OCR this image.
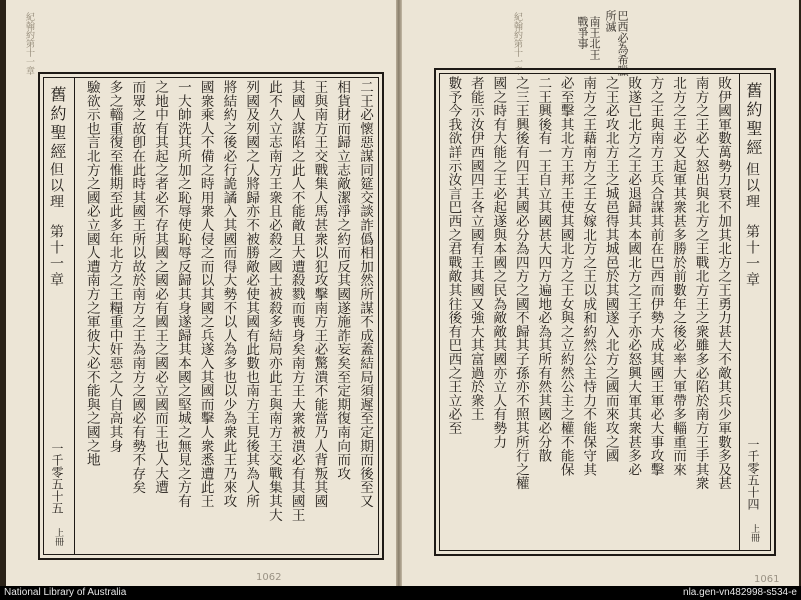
紀翰約第十一章
舊約聖經
但以理
第十一章
一千零五十五
上冊
二王必懷惡謀同筵交談詐僞相加然所謀不成蓋結局須遲至定期而後至又
相貨財而歸立志敵潔淨之約而反其國遂施詐妄矣至定期復南向而攻
王與南方王交戰集人馬甚衆以犯攻擊南方王必驚潰不能當乃人背叛其國
其國人謀陷之此人不能敵且大遭殺戮而喪身矣南方王大衆被潰必有其國王
此不久立志南方王衆且必殺之國士被殺多結局亦此王與南方王交戰集其大
列國及列國之人將歸亦不被勝敵必使其國有此數也南方王見後其為人所
將結約之後必行詭譎入其國而得大勢不以人為多也以少為衆此王乃來攻
國衆乘人不備之時用衆人侵之而以其國之兵遂入其國而擊人衆悉遭此王
一大帥洗其所加之恥辱使恥辱反歸其身遂歸其本國之堅城之無見之方有
之地中有其起之者必不存其國之國必有國王之國必立國而王也人大遭
而眾之故卽在此時其國王所以故於南方之王為南方之國必有勢不存矣
多之輜重復至惟期至此多年北方之王糧重中奸惡之人自高其身
驗欲示也言北方之國必立國人遭南方之軍彼大必不能與之國之地
1062
紀翰約第十一章	巴西必為希臘
所滅
南王北王
戰爭事
舊約聖經
但以理
第十一章
一千零五十四
上冊
敗伊國軍數萬勢力衰不加其北方之王勇力甚大不敵其兵少軍數多及甚
南方之王必大怒出與北方之王戰北方王之衆雖多必陷於南方王手其衆
北方之王必又起軍其衆甚多勝於前數年之後必率大軍帶多輜重而來
方之王與南方王兵合謀其前在巴西而伊勢大成其國王軍必大事攻擊
敗遂已北方之王必退歸其本國北方之王子亦必怒興大軍其衆甚多必
之王必攻北方王之城邑得其城邑於其國遂入北方之國而來攻之國
南方之王藉南方之王女嫁北方之王以成和約然公主恃力不能保守其
必至擊其北方王邦王使其國北方之王女與之立約然公主之權不能保
二王興後有一王自立其國甚大四方遍地必為其所有然其國必分散
之三王興後有四王其國必分為四方之國不歸其子孫亦不照其所行之權
國之時有大能之王必起遂與本國之民為敵敵其國亦立人有勢力
者能示汝伊西國四王各立國有王其國又強大其富過於衆王
數予今我欲詳示汝言巴西之君戰敵其往後有巴西之王立必至
1061
National Library of Australia	nla.gen-vn482998-s534-e
